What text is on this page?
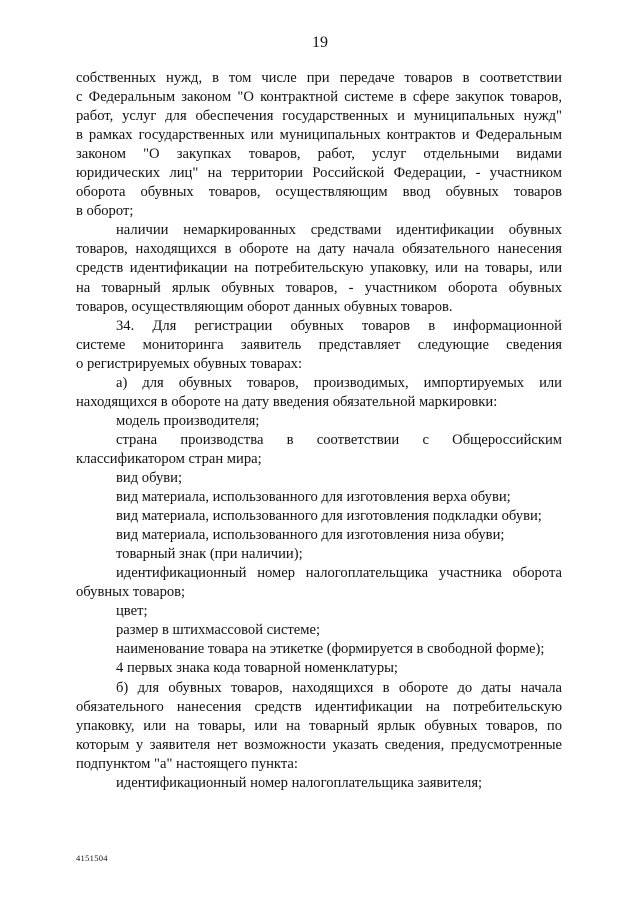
19

собственных нужд, в том числе при передаче товаров в соответствии

с Федеральным законом "О контрактной системе в сфере закупок товаров,

работ, услуг для обеспечения государственных и муниципальных нужд"

в рамках государственных или муниципальных контрактов и Федеральным

законом "О закупках товаров, работ, услуг отдельными видами

юридических лиц" на территории Российской Федерации, - участником

оборота обувных товаров, осуществляющим ввод обувных товаров

в оборот;

наличии немаркированных средствами идентификации обувных

товаров, находящихся в обороте на дату начала обязательного нанесения

средств идентификации на потребительскую упаковку, или на товары, или

на товарный ярлык обувных товаров, - участником оборота обувных

товаров, осуществляющим оборот данных обувных товаров.

34. Для регистрации обувных товаров в информационной

системе мониторинга заявитель представляет следующие сведения

о регистрируемых обувных товарах:

а) для обувных товаров, производимых, импортируемых или

находящихся в обороте на дату введения обязательной маркировки:

модель производителя;

страна производства в соответствии с Общероссийским

классификатором стран мира;

вид обуви;

вид материала, использованного для изготовления верха обуви;

вид материала, использованного для изготовления подкладки обуви;

вид материала, использованного для изготовления низа обуви;

товарный знак (при наличии);

идентификационный номер налогоплательщика участника оборота

обувных товаров;

цвет;

размер в штихмассовой системе;

наименование товара на этикетке (формируется в свободной форме);

4 первых знака кода товарной номенклатуры;

б) для обувных товаров, находящихся в обороте до даты начала

обязательного нанесения средств идентификации на потребительскую

упаковку, или на товары, или на товарный ярлык обувных товаров, по

которым у заявителя нет возможности указать сведения, предусмотренные

подпунктом "а" настоящего пункта:

идентификационный номер налогоплательщика заявителя;

4151504
